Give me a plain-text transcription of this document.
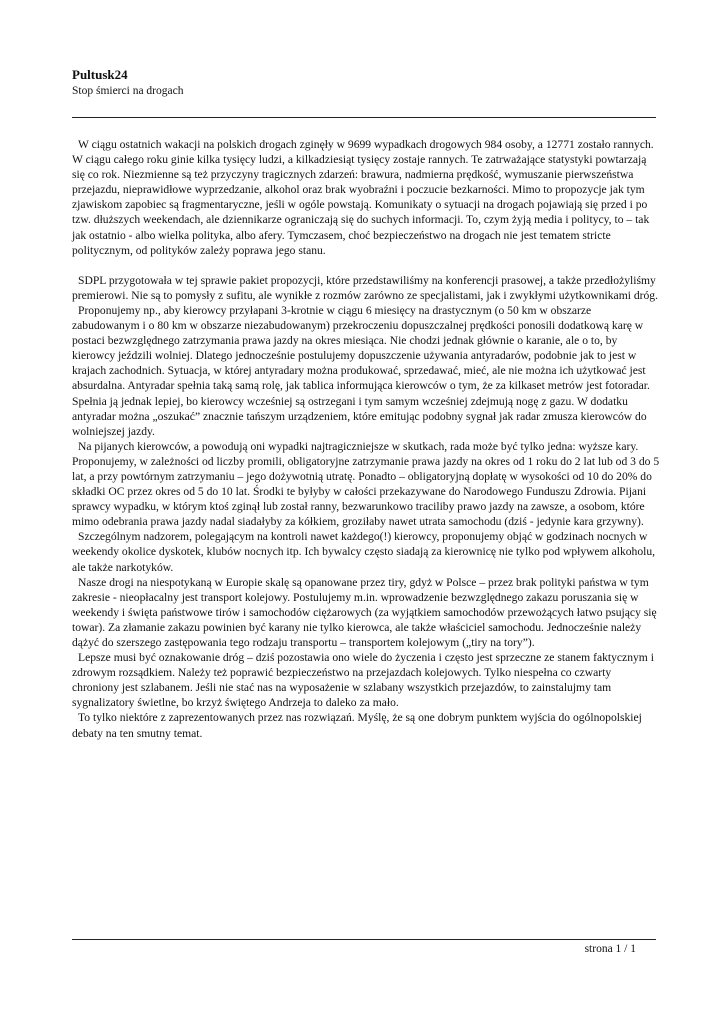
Pultusk24
Stop śmierci na drogach

W ciągu ostatnich wakacji na polskich drogach zginęły w 9699 wypadkach drogowych 984 osoby, a 12771 zostało rannych. W ciągu całego roku ginie kilka tysięcy ludzi, a kilkadziesiąt tysięcy zostaje rannych. Te zatrważające statystyki powtarzają się co rok. Niezmienne są też przyczyny tragicznych zdarzeń: brawura, nadmierna prędkość, wymuszanie pierwszeństwa przejazdu, nieprawidłowe wyprzedzanie, alkohol oraz brak wyobraźni i poczucie bezkarności. Mimo to propozycje jak tym zjawiskom zapobiec są fragmentaryczne, jeśli w ogóle powstają. Komunikaty o sytuacji na drogach pojawiają się przed i po tzw. dłuższych weekendach, ale dziennikarze ograniczają się do suchych informacji. To, czym żyją media i politycy, to – tak jak ostatnio - albo wielka polityka, albo afery. Tymczasem, choć bezpieczeństwo na drogach nie jest tematem stricte politycznym, od polityków zależy poprawa jego stanu.

SDPL przygotowała w tej sprawie pakiet propozycji, które przedstawiliśmy na konferencji prasowej, a także przedłożyliśmy premierowi. Nie są to pomysły z sufitu, ale wynikłe z rozmów zarówno ze specjalistami, jak i zwykłymi użytkownikami dróg.

Proponujemy np., aby kierowcy przyłapani 3-krotnie w ciągu 6 miesięcy na drastycznym (o 50 km w obszarze zabudowanym i o 80 km w obszarze niezabudowanym) przekroczeniu dopuszczalnej prędkości ponosili dodatkową karę w postaci bezwzględnego zatrzymania prawa jazdy na okres miesiąca. Nie chodzi jednak głównie o karanie, ale o to, by kierowcy jeździli wolniej. Dlatego jednocześnie postulujemy dopuszczenie używania antyradarów, podobnie jak to jest w krajach zachodnich. Sytuacja, w której antyradary można produkować, sprzedawać, mieć, ale nie można ich użytkować jest absurdalna. Antyradar spełnia taką samą rolę, jak tablica informująca kierowców o tym, że za kilkaset metrów jest fotoradar. Spełnia ją jednak lepiej, bo kierowcy wcześniej są ostrzegani i tym samym wcześniej zdejmują nogę z gazu. W dodatku antyradar można „oszukać” znacznie tańszym urządzeniem, które emitując podobny sygnał jak radar zmusza kierowców do wolniejszej jazdy.

Na pijanych kierowców, a powodują oni wypadki najtragiczniejsze w skutkach, rada może być tylko jedna: wyższe kary. Proponujemy, w zależności od liczby promili, obligatoryjne zatrzymanie prawa jazdy na okres od 1 roku do 2 lat lub od 3 do 5 lat, a przy powtórnym zatrzymaniu – jego dożywotnią utratę. Ponadto – obligatoryjną dopłatę w wysokości od 10 do 20% do składki OC przez okres od 5 do 10 lat. Środki te byłyby w całości przekazywane do Narodowego Funduszu Zdrowia. Pijani sprawcy wypadku, w którym ktoś zginął lub został ranny, bezwarunkowo traciliby prawo jazdy na zawsze, a osobom, które mimo odebrania prawa jazdy nadal siadałyby za kółkiem, groziłaby nawet utrata samochodu (dziś - jedynie kara grzywny).

Szczególnym nadzorem, polegającym na kontroli nawet każdego(!) kierowcy, proponujemy objąć w godzinach nocnych w weekendy okolice dyskotek, klubów nocnych itp. Ich bywalcy często siadają za kierownicę nie tylko pod wpływem alkoholu, ale także narkotyków.

Nasze drogi na niespotykaną w Europie skalę są opanowane przez tiry, gdyż w Polsce – przez brak polityki państwa w tym zakresie - nieopłacalny jest transport kolejowy. Postulujemy m.in. wprowadzenie bezwzględnego zakazu poruszania się w weekendy i święta państwowe tirów i samochodów ciężarowych (za wyjątkiem samochodów przewożących łatwo psujący się towar). Za złamanie zakazu powinien być karany nie tylko kierowca, ale także właściciel samochodu. Jednocześnie należy dążyć do szerszego zastępowania tego rodzaju transportu – transportem kolejowym („tiry na tory”).

Lepsze musi być oznakowanie dróg – dziś pozostawia ono wiele do życzenia i często jest sprzeczne ze stanem faktycznym i zdrowym rozsądkiem. Należy też poprawić bezpieczeństwo na przejazdach kolejowych. Tylko niespełna co czwarty chroniony jest szlabanem. Jeśli nie stać nas na wyposażenie w szlabany wszystkich przejazdów, to zainstalujmy tam sygnalizatory świetlne, bo krzyż świętego Andrzeja to daleko za mało.

To tylko niektóre z zaprezentowanych przez nas rozwiązań. Myślę, że są one dobrym punktem wyjścia do ogólnopolskiej debaty na ten smutny temat.

strona 1 / 1
